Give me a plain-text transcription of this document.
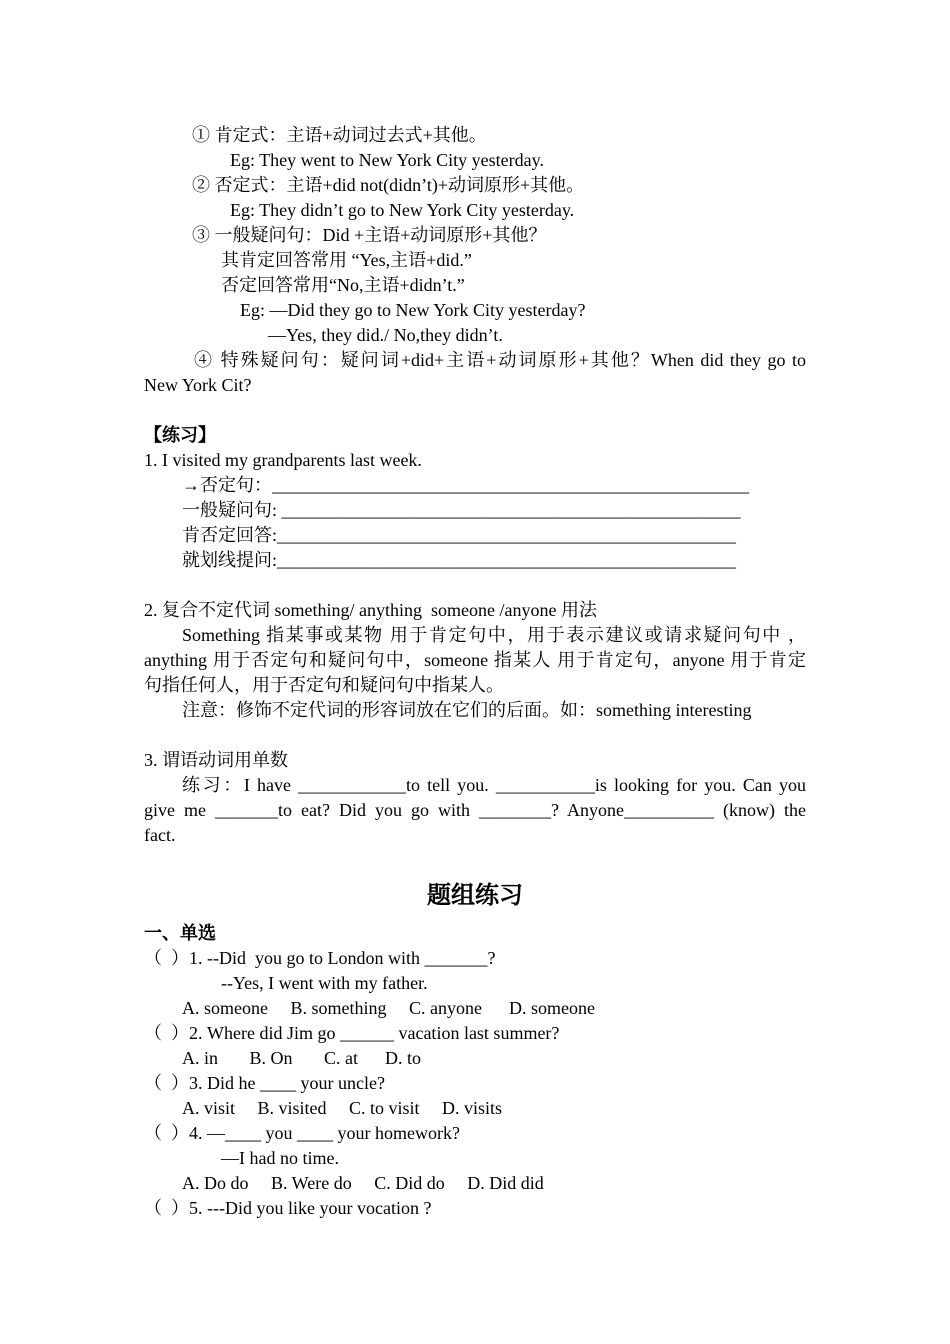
① 肯定式：主语+动词过去式+其他。
Eg: They went to New York City yesterday.
② 否定式：主语+did not(didn’t)+动词原形+其他。
Eg: They didn’t go to New York City yesterday.
③ 一般疑问句：Did +主语+动词原形+其他？
其肯定回答常用 “Yes,主语+did.”
否定回答常用“No,主语+didn’t.”
Eg: —Did they go to New York City yesterday?
—Yes, they did./ No,they didn’t.
④ 特殊疑问句：疑问词+did+主语+动词原形+其他？When did they go to
New York Cit?
【练习】
1. I visited my grandparents last week.
→否定句：_____________________________________________________
一般疑问句: ___________________________________________________
肯否定回答:___________________________________________________
就划线提问:___________________________________________________
2. 复合不定代词 something/ anything  someone /anyone 用法
Something 指某事或某物 用于肯定句中，用于表示建议或请求疑问句中 ，
anything 用于否定句和疑问句中，someone 指某人 用于肯定句，anyone 用于肯定
句指任何人，用于否定句和疑问句中指某人。
注意：修饰不定代词的形容词放在它们的后面。如：something interesting
3. 谓语动词用单数
练习：I have ____________to tell you. ___________is looking for you. Can you
give me _______to eat? Did you go with ________? Anyone__________ (know) the
fact.
题组练习
一、单选
（  ）1. --Did  you go to London with _______?
--Yes, I went with my father.
A. someone     B. something     C. anyone      D. someone
（  ）2. Where did Jim go ______ vacation last summer?
A. in       B. On       C. at      D. to
（  ）3. Did he ____ your uncle?
A. visit     B. visited     C. to visit     D. visits
（  ）4. —____ you ____ your homework?
—I had no time.
A. Do do     B. Were do     C. Did do     D. Did did
（  ）5. ---Did you like your vocation ?
